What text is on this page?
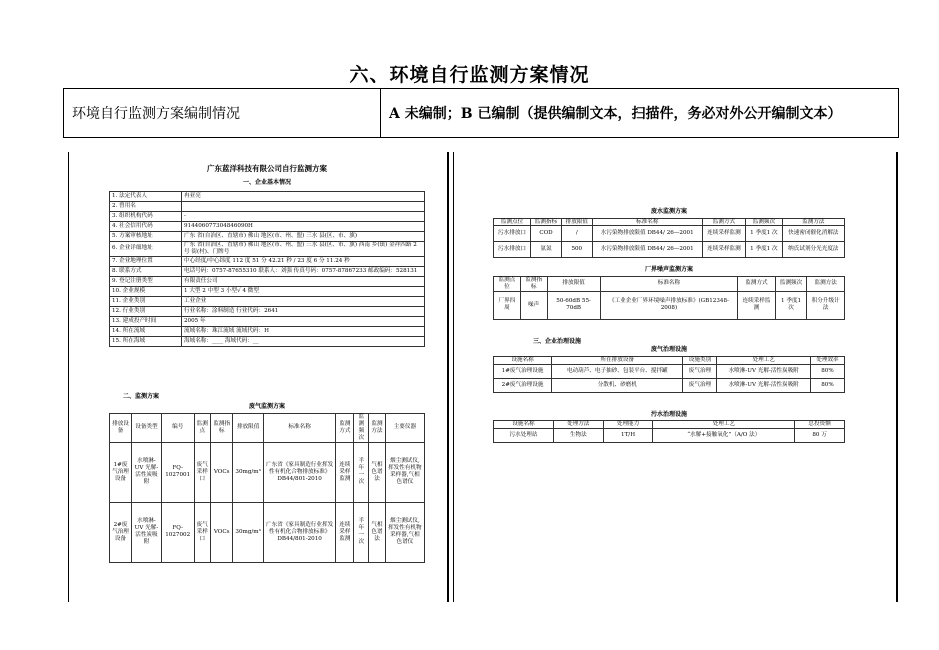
六、环境自行监测方案情况
环境自行监测方案编制情况	A 未编制；B 已编制（提供编制文本，扫描件，务必对外公开编制文本）
广东蓝洋科技有限公司自行监测方案
一、企业基本情况
1. 法定代表人	冉亚亮
2. 曾用名	
3. 组织机构代码	-
4. 社会信用代码	914406077304846090H
5. 方案审核地址	广东 省(自治区、直辖市) 佛山 地区(市、州、盟) 三水 县(区、市、旗)
6. 企业详细地址	广东 省(自治区、直辖市) 佛山 地区(市、州、盟) 三水 县(区、市、旗) 西南 乡(镇) 金祥四路 2 号 街(村)、门牌号
7. 企业地理位置	中心经度/中心纬度 112 度 51 分 42.21 秒 / 23 度 6 分 11.24 秒
8. 联系方式	电话号码：0757-87655310 联系人：刘强 传真号码：0757-87867233 邮政编码：528131
9. 登记注册类型	有限责任公司
10. 企业规模	1 大型 2 中型 3 小型√ 4 微型
11. 企业类别	工业企业
12. 行业类别	行业名称：涂料制造 行业代码：2641
13. 建成投产时间	2005 年
14. 所在流域	流域名称：珠江流域 流域代码：H
15. 所在海域	海域名称：____ 海域代码：__
二、监测方案
废气监测方案
排放设备	设备类型	编号	监测点	监测指标	排放限值	标准名称	监测方式	监测频次	监测方法	主要仪器
1#废气治理设备	水喷淋-UV 光解-活性炭吸附	FQ-1027001	废气采样口	VOCs	30mg/m³	广东省《家具制造行业挥发性有机化合物排放标准》DB44/801-2010	连续采样监测	半年一次	气相色谱法	烟尘测试仪,挥发性有机物采样器,气相色谱仪
2#废气治理设备	水喷淋-UV 光解-活性炭吸附	FQ-1027002	废气采样口	VOCs	30mg/m³	广东省《家具制造行业挥发性有机化合物排放标准》DB44/801-2010	连续采样监测	半年一次	气相色谱法	烟尘测试仪,挥发性有机物采样器,气相色谱仪
废水监测方案
监测点位	监测指标	排放限值	标准名称	监测方式	监测频次	监测方法
污水排放口	COD	/	水污染物排放限值 DB44/ 26—2001	连续采样监测	1 季度1 次	快速密闭催化消解法
污水排放口	氨氮	500	水污染物排放限值 DB44/ 26—2001	连续采样监测	1 季度1 次	纳氏试剂分光光度法
厂界噪声监测方案
监测点位	监测指标	排放限值	标准名称	监测方式	监测频次	监测方法
厂界四周	噪声	50-60dB 55-70dB	《工业企业厂界环境噪声排放标准》(GB12348-2008)	连续采样监测	1 季度1 次	积分升级计法
三、企业治理设施
废气治理设施
设施名称	所在排放设备	设施类别	处理工艺	处理效率
1#废气治理设施	电动葫芦、电子抽砂、包装平台、搅拌罐	废气治理	水喷淋-UV 光解-活性炭吸附	80%
2#废气治理设施	分散机、砂磨机	废气治理	水喷淋-UV 光解-活性炭吸附	80%
污水治理设施
设施名称	处理方法	处理能力	处理工艺	总投资额
污水处理站	生物法	1T/H	“水解+接触氧化”（A/O 法）	80 万
